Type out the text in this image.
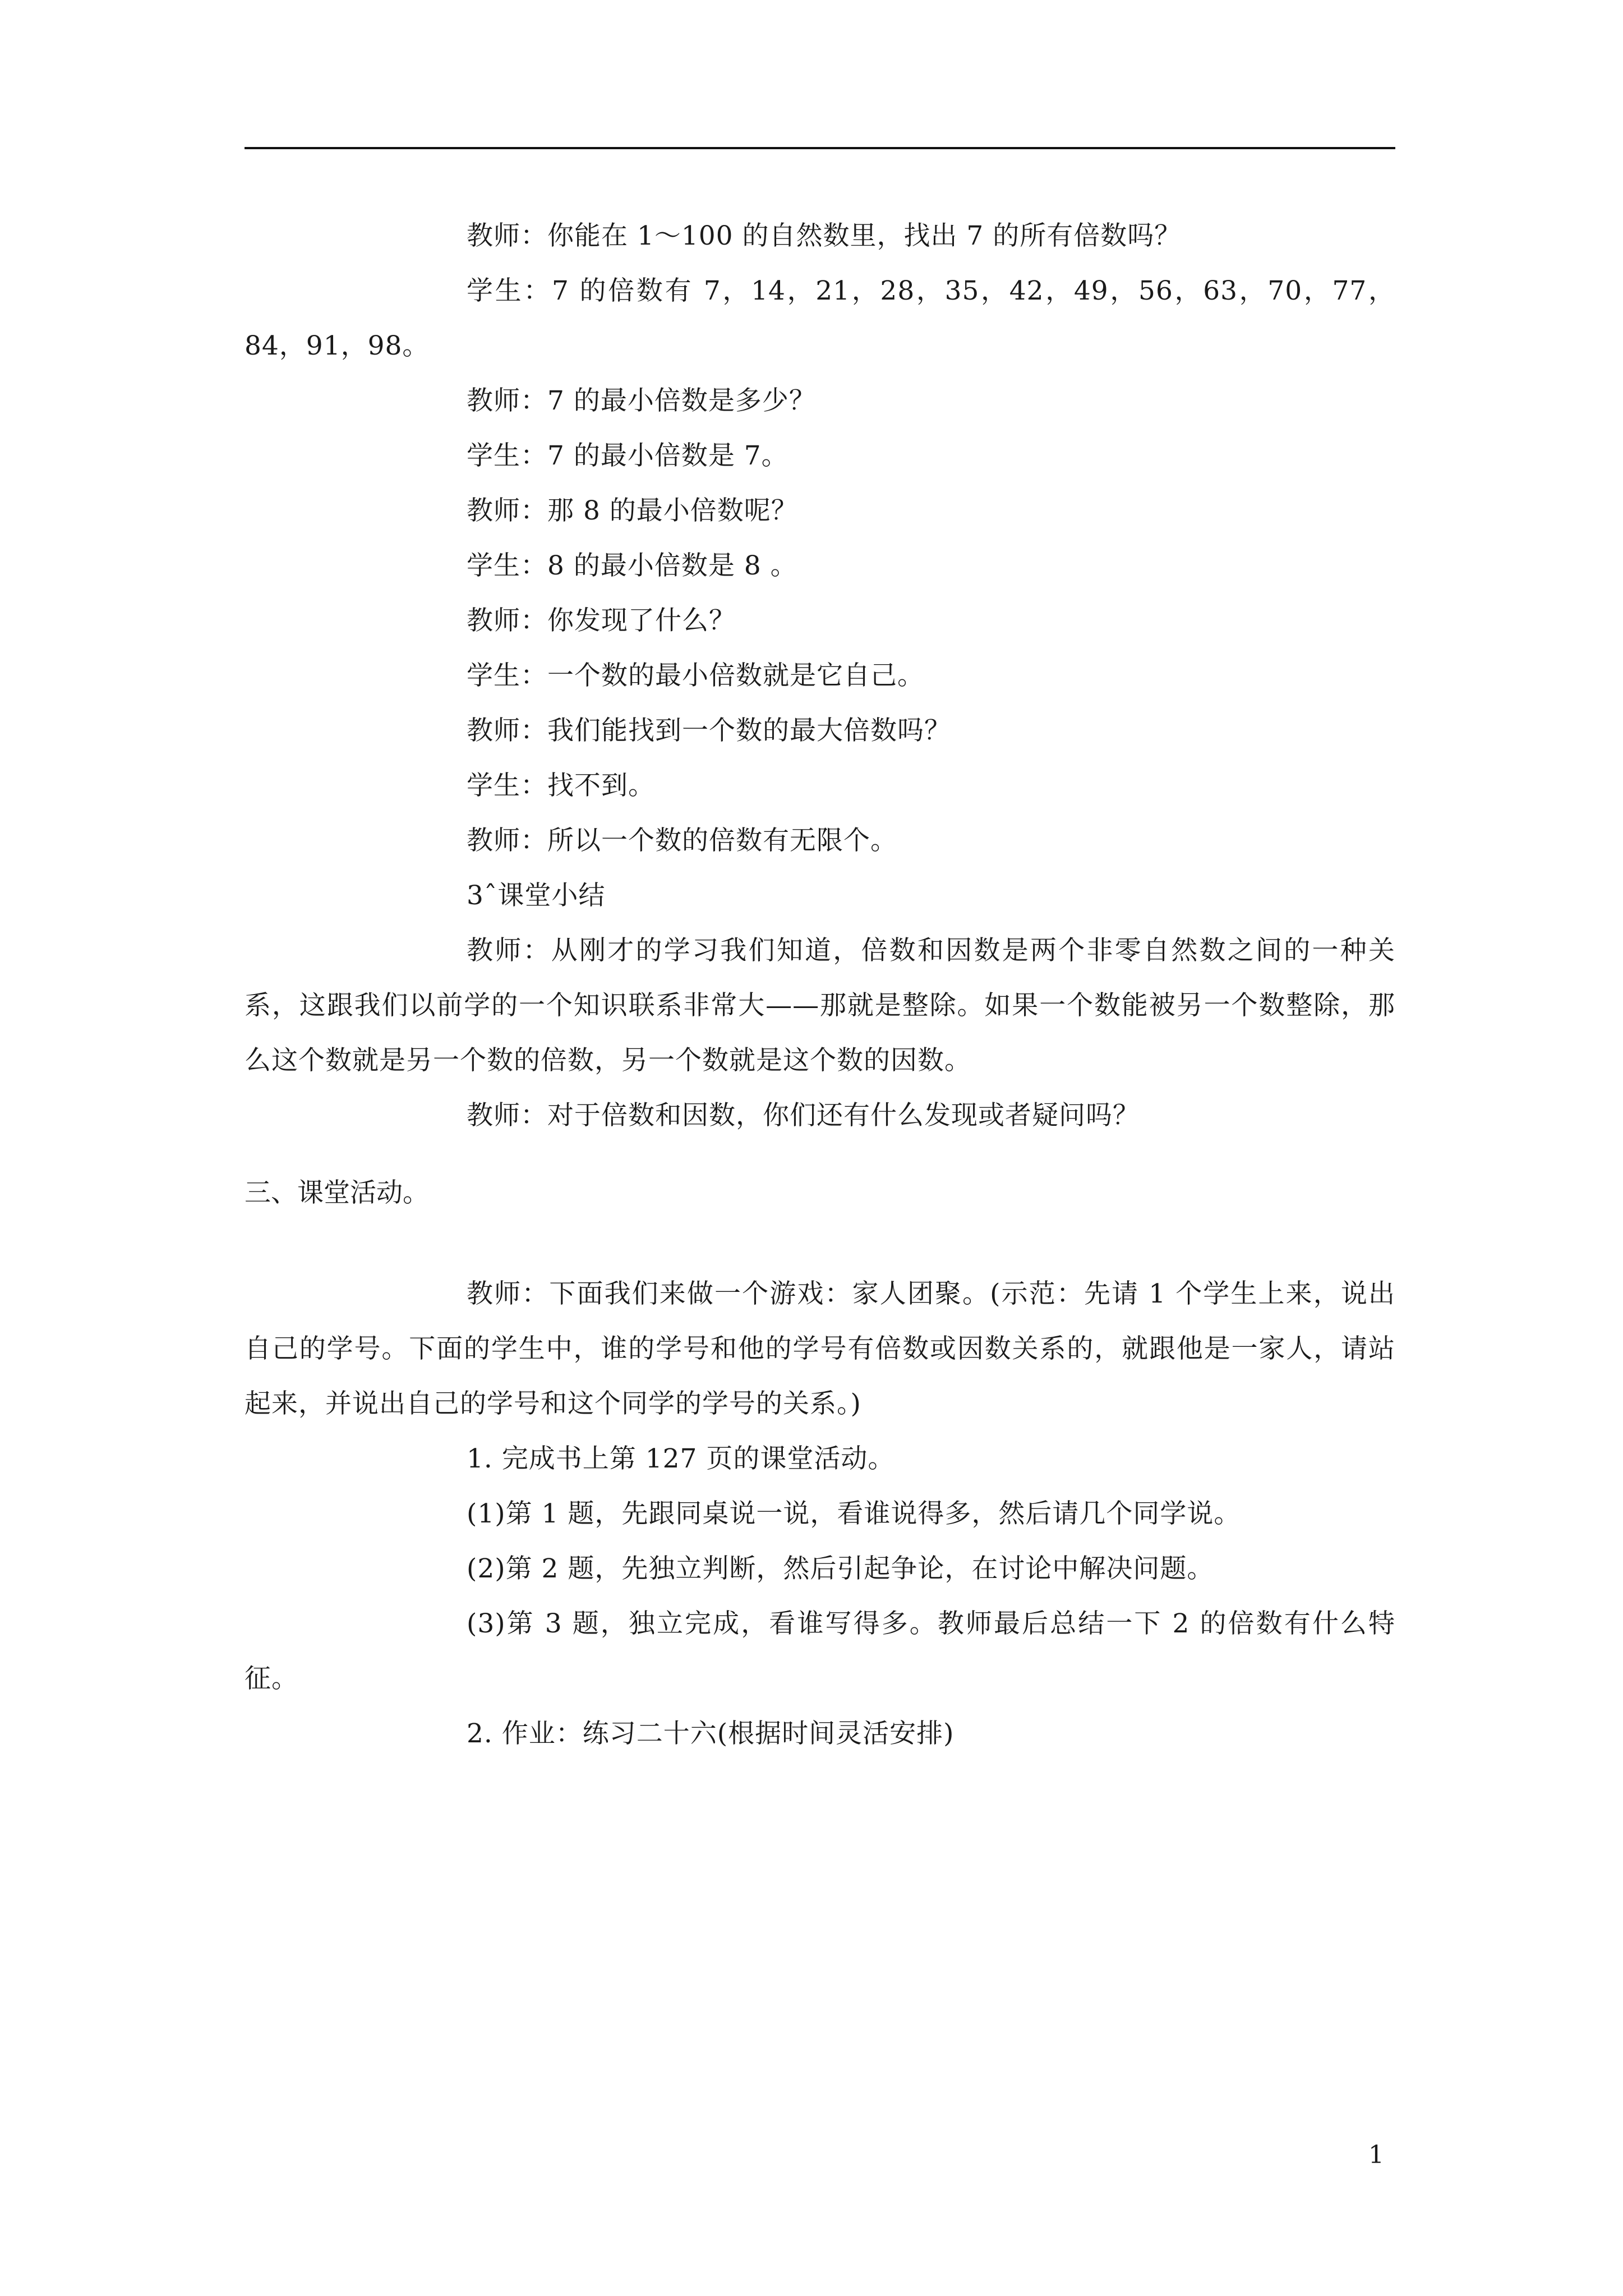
教师：你能在 1～100 的自然数里，找出 7 的所有倍数吗？

学生：7 的倍数有 7，14，21，28，35，42，49，56，63，70，77，84，91，98。

教师：7 的最小倍数是多少？

学生：7 的最小倍数是 7。

教师：那 8 的最小倍数呢？

学生：8 的最小倍数是 8 。

教师：你发现了什么？

学生：一个数的最小倍数就是它自己。

教师：我们能找到一个数的最大倍数吗？

学生：找不到。

教师：所以一个数的倍数有无限个。

3ˆ课堂小结

教师：从刚才的学习我们知道，倍数和因数是两个非零自然数之间的一种关系，这跟我们以前学的一个知识联系非常大——那就是整除。如果一个数能被另一个数整除，那么这个数就是另一个数的倍数，另一个数就是这个数的因数。

教师：对于倍数和因数，你们还有什么发现或者疑问吗？

三、课堂活动。

教师：下面我们来做一个游戏：家人团聚。(示范：先请 1 个学生上来，说出自己的学号。下面的学生中，谁的学号和他的学号有倍数或因数关系的，就跟他是一家人，请站起来，并说出自己的学号和这个同学的学号的关系。)

1. 完成书上第 127 页的课堂活动。

(1)第 1 题，先跟同桌说一说，看谁说得多，然后请几个同学说。

(2)第 2 题，先独立判断，然后引起争论，在讨论中解决问题。

(3)第 3 题，独立完成，看谁写得多。教师最后总结一下 2 的倍数有什么特征。

2. 作业：练习二十六(根据时间灵活安排)

1
